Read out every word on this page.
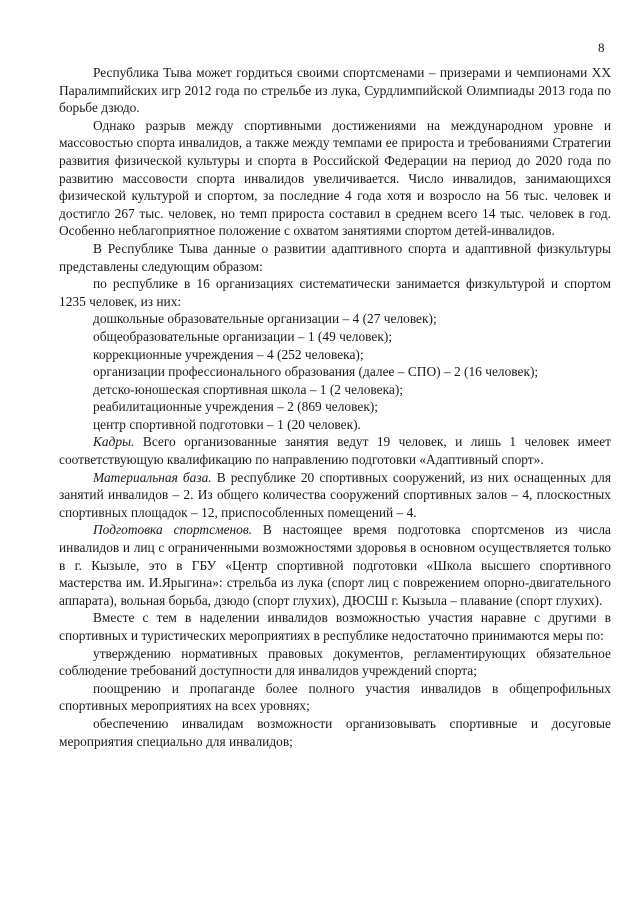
8

Республика Тыва может гордиться своими спортсменами – призерами и чемпионами XX Паралимпийских игр 2012 года по стрельбе из лука, Сурдлимпийской Олимпиады 2013 года по борьбе дзюдо.

Однако разрыв между спортивными достижениями на международном уровне и массовостью спорта инвалидов, а также между темпами ее прироста и требованиями Стратегии развития физической культуры и спорта в Российской Федерации на период до 2020 года по развитию массовости спорта инвалидов увеличивается. Число инвалидов, занимающихся физической культурой и спортом, за последние 4 года хотя и возросло на 56 тыс. человек и достигло 267 тыс. человек, но темп прироста составил в среднем всего 14 тыс. человек в год. Особенно неблагоприятное положение с охватом занятиями спортом детей-инвалидов.

В Республике Тыва данные о развитии адаптивного спорта и адаптивной физкультуры представлены следующим образом:

по республике в 16 организациях систематически занимается физкультурой и спортом 1235 человек, из них:

дошкольные образовательные организации – 4 (27 человек);

общеобразовательные организации – 1 (49 человек);

коррекционные учреждения – 4 (252 человека);

организации профессионального образования (далее – СПО) – 2 (16 человек);

детско-юношеская спортивная школа – 1 (2 человека);

реабилитационные учреждения – 2 (869 человек);

центр спортивной подготовки – 1 (20 человек).

Кадры. Всего организованные занятия ведут 19 человек, и лишь 1 человек имеет соответствующую квалификацию по направлению подготовки «Адаптивный спорт».

Материальная база. В республике 20 спортивных сооружений, из них оснащенных для занятий инвалидов – 2. Из общего количества сооружений спортивных залов – 4, плоскостных спортивных площадок – 12, приспособленных помещений – 4.

Подготовка спортсменов. В настоящее время подготовка спортсменов из числа инвалидов и лиц с ограниченными возможностями здоровья в основном осуществляется только в г. Кызыле, это в ГБУ «Центр спортивной подготовки «Школа высшего спортивного мастерства им. И.Ярыгина»: стрельба из лука (спорт лиц с поврежением опорно-двигательного аппарата), вольная борьба, дзюдо (спорт глухих), ДЮСШ г. Кызыла – плавание (спорт глухих).

Вместе с тем в наделении инвалидов возможностью участия наравне с другими в спортивных и туристических мероприятиях в республике недостаточно принимаются меры по:

утверждению нормативных правовых документов, регламентирующих обязательное соблюдение требований доступности для инвалидов учреждений спорта;

поощрению и пропаганде более полного участия инвалидов в общепрофильных спортивных мероприятиях на всех уровнях;

обеспечению инвалидам возможности организовывать спортивные и досуговые мероприятия специально для инвалидов;
